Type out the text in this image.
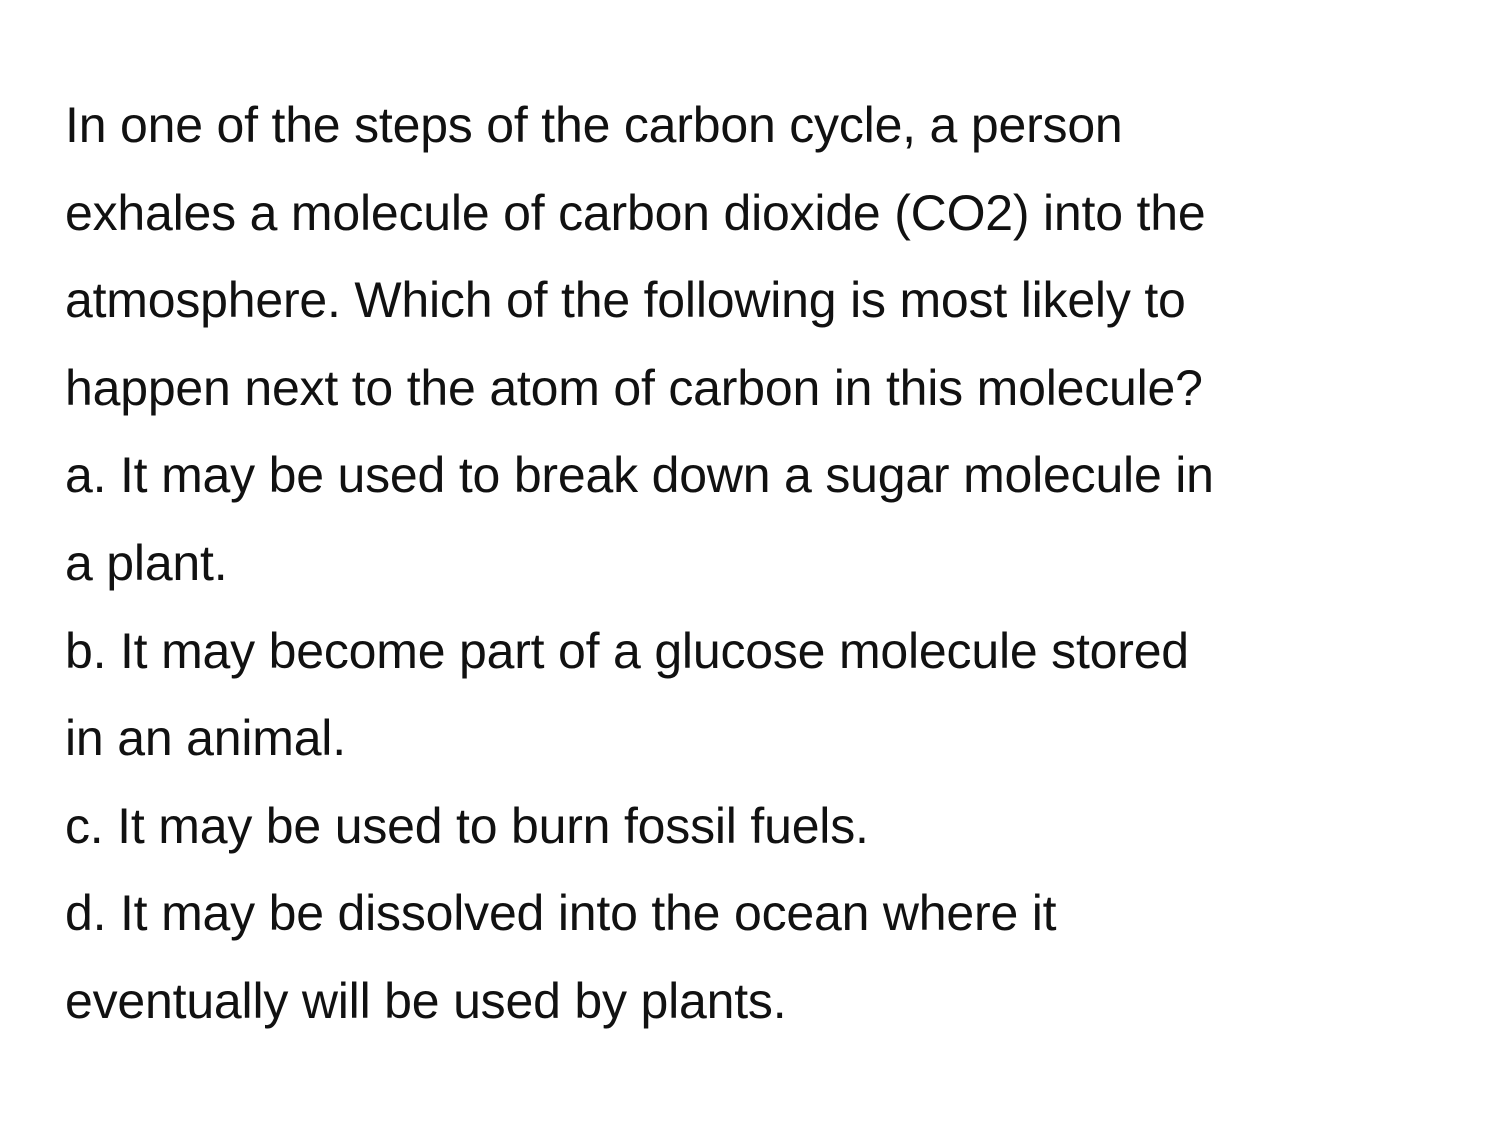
In one of the steps of the carbon cycle, a person
exhales a molecule of carbon dioxide (CO2) into the
atmosphere. Which of the following is most likely to
happen next to the atom of carbon in this molecule?
a. It may be used to break down a sugar molecule in
a plant.
b. It may become part of a glucose molecule stored
in an animal.
c. It may be used to burn fossil fuels.
d. It may be dissolved into the ocean where it
eventually will be used by plants.
